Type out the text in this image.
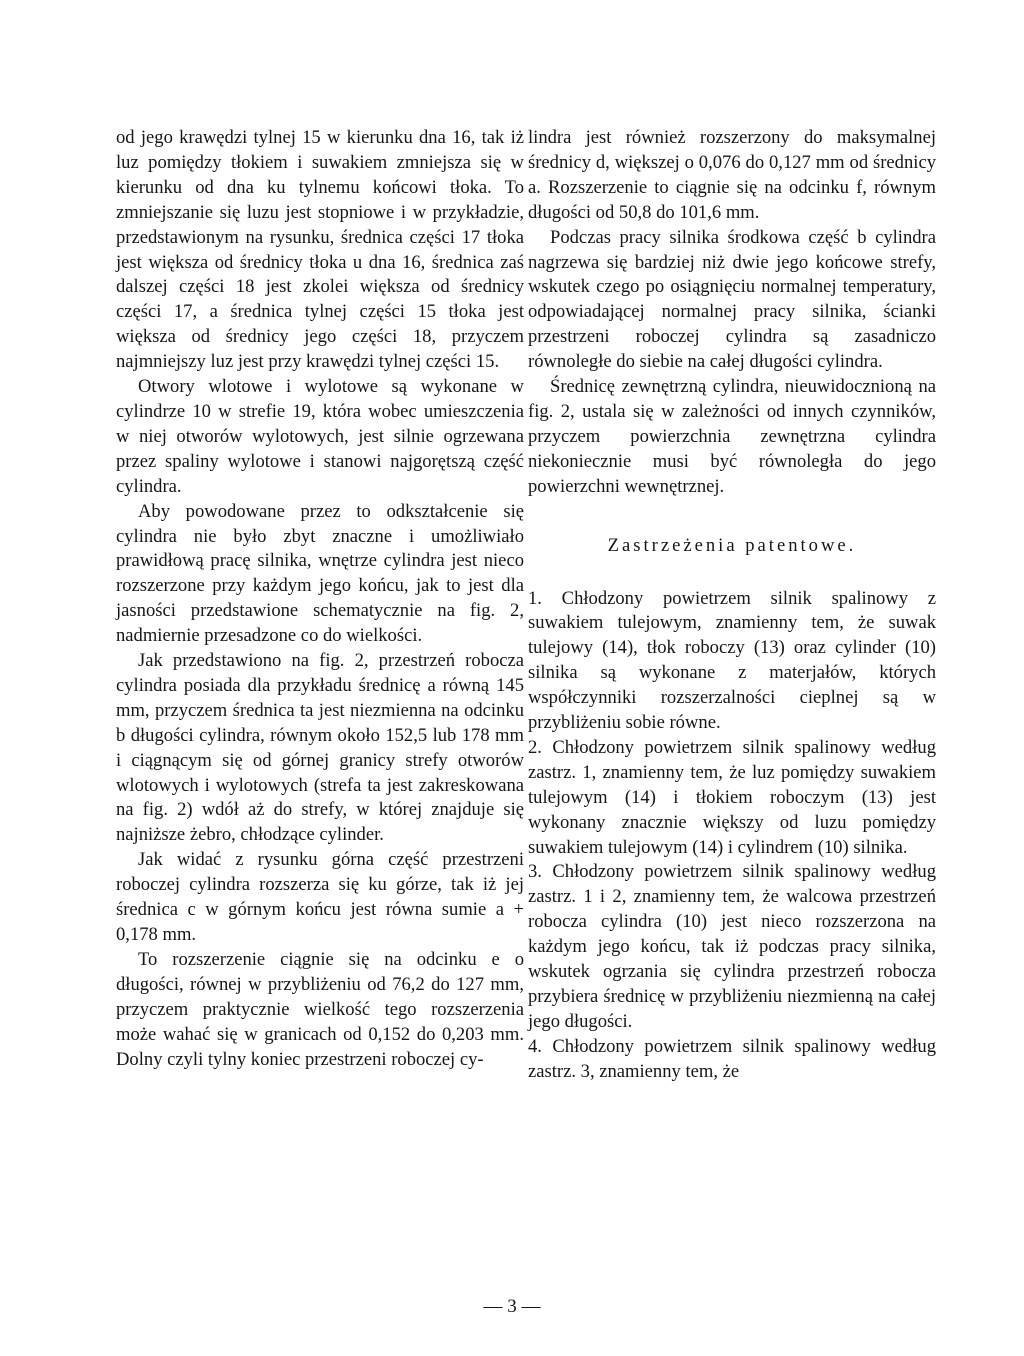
od jego krawędzi tylnej 15 w kierunku dna 16, tak iż luz pomiędzy tłokiem i suwakiem zmniejsza się w kierunku od dna ku tylnemu końcowi tłoka. To zmniejszanie się luzu jest stopniowe i w przykładzie, przedstawionym na rysunku, średnica części 17 tłoka jest większa od średnicy tłoka u dna 16, średnica zaś dalszej części 18 jest zkolei większa od średnicy części 17, a średnica tylnej części 15 tłoka jest większa od średnicy jego części 18, przyczem najmniejszy luz jest przy krawędzi tylnej części 15.

Otwory wlotowe i wylotowe są wykonane w cylindrze 10 w strefie 19, która wobec umieszczenia w niej otworów wylotowych, jest silnie ogrzewana przez spaliny wylotowe i stanowi najgorętszą część cylindra.

Aby powodowane przez to odkształcenie się cylindra nie było zbyt znaczne i umożliwiało prawidłową pracę silnika, wnętrze cylindra jest nieco rozszerzone przy każdym jego końcu, jak to jest dla jasności przedstawione schematycznie na fig. 2, nadmiernie przesadzone co do wielkości.

Jak przedstawiono na fig. 2, przestrzeń robocza cylindra posiada dla przykładu średnicę a równą 145 mm, przyczem średnica ta jest niezmienna na odcinku b długości cylindra, równym około 152,5 lub 178 mm i ciągnącym się od górnej granicy strefy otworów wlotowych i wylotowych (strefa ta jest zakreskowana na fig. 2) wdół aż do strefy, w której znajduje się najniższe żebro, chłodzące cylinder.

Jak widać z rysunku górna część przestrzeni roboczej cylindra rozszerza się ku górze, tak iż jej średnica c w górnym końcu jest równa sumie a + 0,178 mm.

To rozszerzenie ciągnie się na odcinku e o długości, równej w przybliżeniu od 76,2 do 127 mm, przyczem praktycznie wielkość tego rozszerzenia może wahać się w granicach od 0,152 do 0,203 mm. Dolny czyli tylny koniec przestrzeni roboczej cy-

lindra jest również rozszerzony do maksymalnej średnicy d, większej o 0,076 do 0,127 mm od średnicy a. Rozszerzenie to ciągnie się na odcinku f, równym długości od 50,8 do 101,6 mm.

Podczas pracy silnika środkowa część b cylindra nagrzewa się bardziej niż dwie jego końcowe strefy, wskutek czego po osiągnięciu normalnej temperatury, odpowiadającej normalnej pracy silnika, ścianki przestrzeni roboczej cylindra są zasadniczo równoległe do siebie na całej długości cylindra.

Średnicę zewnętrzną cylindra, nieuwidocznioną na fig. 2, ustala się w zależności od innych czynników, przyczem powierzchnia zewnętrzna cylindra niekoniecznie musi być równoległa do jego powierzchni wewnętrznej.

Zastrzeżenia patentowe.

1. Chłodzony powietrzem silnik spalinowy z suwakiem tulejowym, znamienny tem, że suwak tulejowy (14), tłok roboczy (13) oraz cylinder (10) silnika są wykonane z materjałów, których współczynniki rozszerzalności cieplnej są w przybliżeniu sobie równe.

2. Chłodzony powietrzem silnik spalinowy według zastrz. 1, znamienny tem, że luz pomiędzy suwakiem tulejowym (14) i tłokiem roboczym (13) jest wykonany znacznie większy od luzu pomiędzy suwakiem tulejowym (14) i cylindrem (10) silnika.

3. Chłodzony powietrzem silnik spalinowy według zastrz. 1 i 2, znamienny tem, że walcowa przestrzeń robocza cylindra (10) jest nieco rozszerzona na każdym jego końcu, tak iż podczas pracy silnika, wskutek ogrzania się cylindra przestrzeń robocza przybiera średnicę w przybliżeniu niezmienną na całej jego długości.

4. Chłodzony powietrzem silnik spalinowy według zastrz. 3, znamienny tem, że

— 3 —
